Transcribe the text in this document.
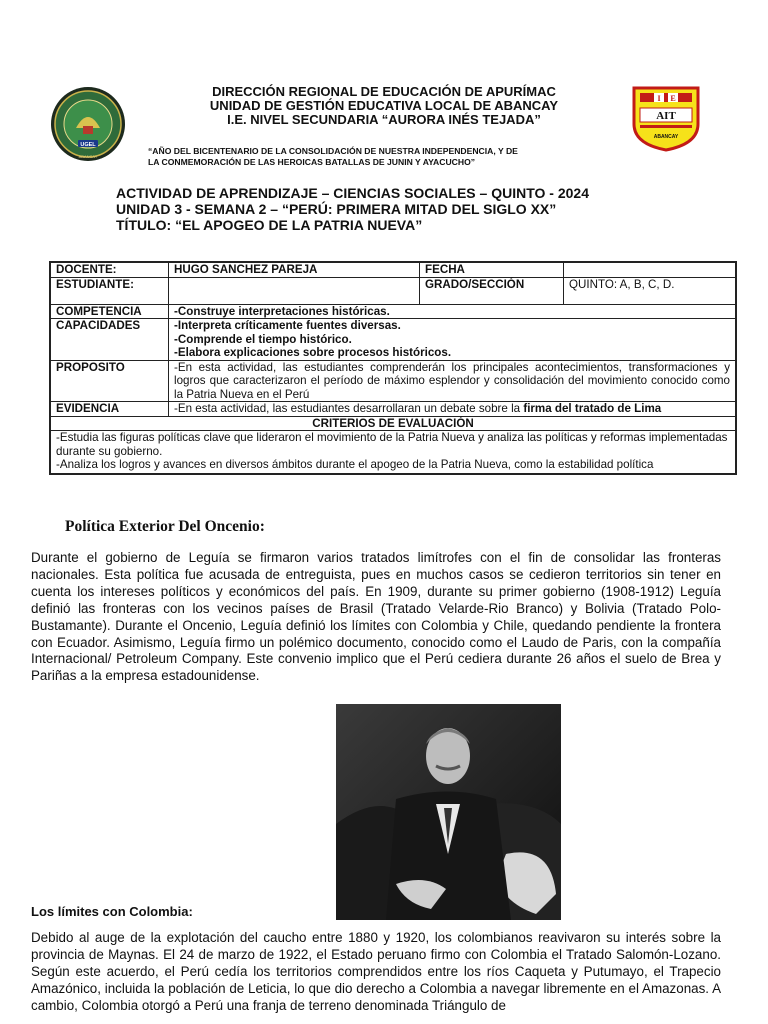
UGEL
ABANCAY
I E
AIT
ABANCAY
DIRECCIÓN REGIONAL DE EDUCACIÓN DE APURÍMAC
UNIDAD DE GESTIÓN EDUCATIVA LOCAL DE ABANCAY
I.E. NIVEL SECUNDARIA “AURORA INÉS TEJADA”
“AÑO DEL BICENTENARIO DE LA CONSOLIDACIÓN DE NUESTRA INDEPENDENCIA, Y DE
LA CONMEMORACIÓN DE LAS HEROICAS BATALLAS DE JUNIN Y AYACUCHO”
ACTIVIDAD DE APRENDIZAJE – CIENCIAS SOCIALES – QUINTO - 2024
UNIDAD 3 - SEMANA 2 – “PERÚ: PRIMERA MITAD DEL SIGLO XX”
TÍTULO: “EL APOGEO DE LA PATRIA NUEVA”
DOCENTE:	HUGO SANCHEZ PAREJA	FECHA	
ESTUDIANTE:		GRADO/SECCIÓN	QUINTO: A, B, C, D.
COMPETENCIA	-Construye interpretaciones históricas.		
CAPACIDADES	-Interpreta críticamente fuentes diversas.
-Comprende el tiempo histórico.
-Elabora explicaciones sobre procesos históricos.		

PROPOSITO	-En esta actividad, las estudiantes comprenderán los principales acontecimientos, transformaciones y logros que caracterizaron el período de máximo esplendor y consolidación del movimiento conocido como la Patria Nueva en el Perú		
EVIDENCIA	-En esta actividad, las estudiantes desarrollaran un debate sobre la firma del tratado de Lima		
CRITERIOS DE EVALUACIÓN			

-Estudia las figuras políticas clave que lideraron el movimiento de la Patria Nueva y analiza las políticas y reformas implementadas durante su gobierno.
-Analiza los logros y avances en diversos ámbitos durante el apogeo de la Patria Nueva, como la estabilidad política			
Política Exterior Del Oncenio:

Durante el gobierno de Leguía se firmaron varios tratados limítrofes con el fin de consolidar las fronteras nacionales. Esta política fue acusada de entreguista, pues en muchos casos se cedieron territorios sin tener en cuenta los intereses políticos y económicos del país. En 1909, durante su primer gobierno (1908-1912) Leguía definió las fronteras con los vecinos países de Brasil (Tratado Velarde-Rio Branco) y Bolivia (Tratado Polo-Bustamante). Durante el Oncenio, Leguía definió los límites con Colombia y Chile, quedando pendiente la frontera con Ecuador. Asimismo, Leguía firmo un polémico documento, conocido como el Laudo de Paris, con la compañía Internacional/ Petroleum Company. Este convenio implico que el Perú cediera durante 26 años el suelo de Brea y Pariñas a la empresa estadounidense.

Los límites con Colombia:

Debido al auge de la explotación del caucho entre 1880 y 1920, los colombianos reavivaron su interés sobre la provincia de Maynas. El 24 de marzo de 1922, el Estado peruano firmo con Colombia el Tratado Salomón-Lozano. Según este acuerdo, el Perú cedía los territorios comprendidos entre los ríos Caqueta y Putumayo, el Trapecio Amazónico, incluida la población de Leticia, lo que dio derecho a Colombia a navegar libremente en el Amazonas. A cambio, Colombia otorgó a Perú una franja de terreno denominada Triángulo de
